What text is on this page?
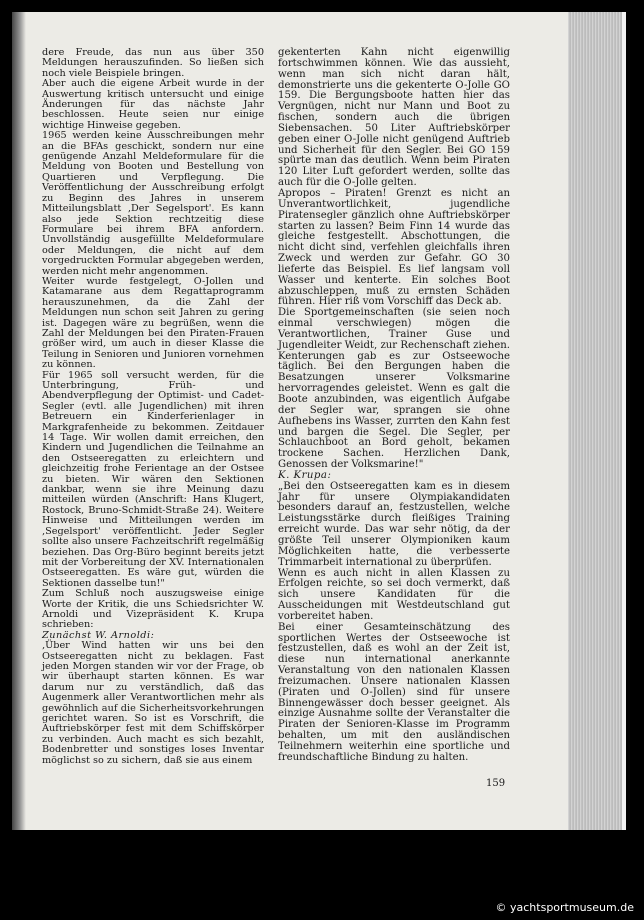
dere Freude, das nun aus über 350 Meldungen herauszufinden. So ließen sich noch viele Beispiele bringen.

Aber auch die eigene Arbeit wurde in der Auswertung kritisch untersucht und einige Änderungen für das nächste Jahr beschlossen. Heute seien nur einige wichtige Hinweise gegeben.

1965 werden keine Ausschreibungen mehr an die BFAs geschickt, sondern nur eine genügende Anzahl Meldeformulare für die Meldung von Booten und Bestellung von Quartieren und Verpflegung. Die Veröffentlichung der Ausschreibung erfolgt zu Beginn des Jahres in unserem Mitteilungsblatt ‚Der Segelsport'. Es kann also jede Sektion rechtzeitig diese Formulare bei ihrem BFA anfordern. Unvollständig ausgefüllte Meldeformulare oder Meldungen, die nicht auf dem vorgedruckten Formular abgegeben werden, werden nicht mehr angenommen.

Weiter wurde festgelegt, O-Jollen und Katamarane aus dem Regattaprogramm herauszunehmen, da die Zahl der Meldungen nun schon seit Jahren zu gering ist. Dagegen wäre zu begrüßen, wenn die Zahl der Meldungen bei den Piraten-Frauen größer wird, um auch in dieser Klasse die Teilung in Senioren und Junioren vornehmen zu können.

Für 1965 soll versucht werden, für die Unterbringung, Früh- und Abendverpflegung der Optimist- und Cadet-Segler (evtl. alle Jugendlichen) mit ihren Betreuern ein Kinderferienlager in Markgrafenheide zu bekommen. Zeitdauer 14 Tage. Wir wollen damit erreichen, den Kindern und Jugendlichen die Teilnahme an den Ostseeregatten zu erleichtern und gleichzeitig frohe Ferientage an der Ostsee zu bieten. Wir wären den Sektionen dankbar, wenn sie ihre Meinung dazu mitteilen würden (Anschrift: Hans Klugert, Rostock, Bruno-Schmidt-Straße 24). Weitere Hinweise und Mitteilungen werden im ‚Segelsport' veröffentlicht. Jeder Segler sollte also unsere Fachzeitschrift regelmäßig beziehen. Das Org-Büro beginnt bereits jetzt mit der Vorbereitung der XV. Internationalen Ostseeregatten. Es wäre gut, würden die Sektionen dasselbe tun!"

Zum Schluß noch auszugsweise einige Worte der Kritik, die uns Schiedsrichter W. Arnoldi und Vizepräsident K. Krupa schrieben:

Zunächst W. Arnoldi:

‚Über Wind hatten wir uns bei den Ostseeregatten nicht zu beklagen. Fast jeden Morgen standen wir vor der Frage, ob wir überhaupt starten können. Es war darum nur zu verständlich, daß das Augenmerk aller Verantwortlichen mehr als gewöhnlich auf die Sicherheitsvorkehrungen gerichtet waren. So ist es Vorschrift, die Auftriebskörper fest mit dem Schiffskörper zu verbinden. Auch macht es sich bezahlt, Bodenbretter und sonstiges loses Inventar möglichst so zu sichern, daß sie aus einem

gekenterten Kahn nicht eigenwillig fortschwimmen können. Wie das aussieht, wenn man sich nicht daran hält, demonstrierte uns die gekenterte O-Jolle GO 159. Die Bergungsboote hatten hier das Vergnügen, nicht nur Mann und Boot zu fischen, sondern auch die übrigen Siebensachen. 50 Liter Auftriebskörper geben einer O-Jolle nicht genügend Auftrieb und Sicherheit für den Segler. Bei GO 159 spürte man das deutlich. Wenn beim Piraten 120 Liter Luft gefordert werden, sollte das auch für die O-Jolle gelten.

Apropos – Piraten! Grenzt es nicht an Unverantwortlichkeit, jugendliche Piratensegler gänzlich ohne Auftriebskörper starten zu lassen? Beim Finn 14 wurde das gleiche festgestellt. Abschottungen, die nicht dicht sind, verfehlen gleichfalls ihren Zweck und werden zur Gefahr. GO 30 lieferte das Beispiel. Es lief langsam voll Wasser und kenterte. Ein solches Boot abzuschleppen, muß zu ernsten Schäden führen. Hier riß vom Vorschiff das Deck ab.

Die Sportgemeinschaften (sie seien noch einmal verschwiegen) mögen die Verantwortlichen, Trainer Guse und Jugendleiter Weidt, zur Rechenschaft ziehen.

Kenterungen gab es zur Ostseewoche täglich. Bei den Bergungen haben die Besatzungen unserer Volksmarine hervorragendes geleistet. Wenn es galt die Boote anzubinden, was eigentlich Aufgabe der Segler war, sprangen sie ohne Aufhebens ins Wasser, zurrten den Kahn fest und bargen die Segel. Die Segler, per Schlauchboot an Bord geholt, bekamen trockene Sachen. Herzlichen Dank, Genossen der Volksmarine!"

K. Krupa:

„Bei den Ostseeregatten kam es in diesem Jahr für unsere Olympiakandidaten besonders darauf an, festzustellen, welche Leistungsstärke durch fleißiges Training erreicht wurde. Das war sehr nötig, da der größte Teil unserer Olympioniken kaum Möglichkeiten hatte, die verbesserte Trimmarbeit international zu überprüfen.

Wenn es auch nicht in allen Klassen zu Erfolgen reichte, so sei doch vermerkt, daß sich unsere Kandidaten für die Ausscheidungen mit Westdeutschland gut vorbereitet haben.

Bei einer Gesamteinschätzung des sportlichen Wertes der Ostseewoche ist festzustellen, daß es wohl an der Zeit ist, diese nun international anerkannte Veranstaltung von den nationalen Klassen freizumachen. Unsere nationalen Klassen (Piraten und O-Jollen) sind für unsere Binnengewässer doch besser geeignet. Als einzige Ausnahme sollte der Veranstalter die Piraten der Senioren-Klasse im Programm behalten, um mit den ausländischen Teilnehmern weiterhin eine sportliche und freundschaftliche Bindung zu halten.

159
© yachtsportmuseum.de
